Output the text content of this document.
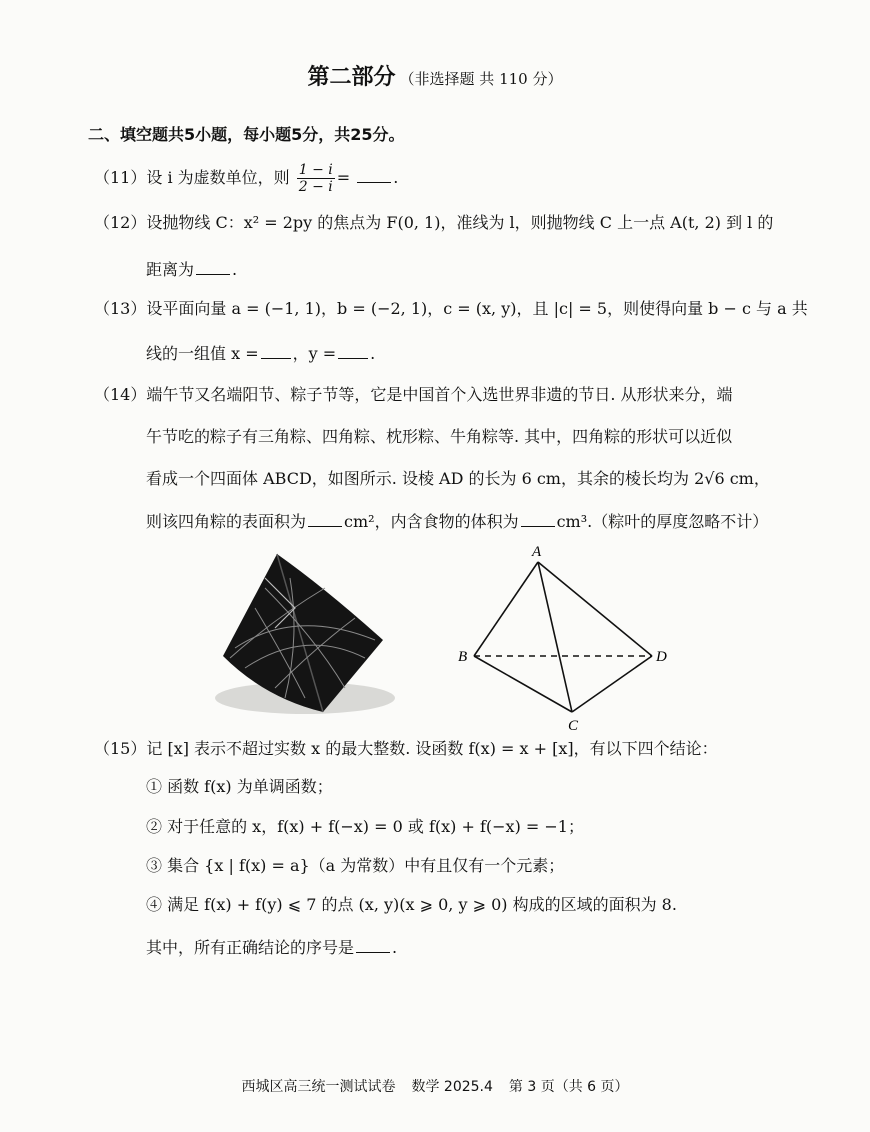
第二部分 （非选择题 共 110 分）
二、填空题共5小题，每小题5分，共25分。
（11）设 i 为虚数单位，则 $\frac{1 - i}{2 - i}$ = .
（12）设抛物线 C：x² = 2py 的焦点为 F(0, 1)，准线为 l，则抛物线 C 上一点 A(t, 2) 到 l 的
距离为 .
（13）设平面向量 a = (−1, 1)，b = (−2, 1)，c = (x, y)，且 |c| = 5，则使得向量 b − c 与 a 共
线的一组值 x = ，y = .
（14）端午节又名端阳节、粽子节等，它是中国首个入选世界非遗的节日. 从形状来分，端
午节吃的粽子有三角粽、四角粽、枕形粽、牛角粽等. 其中，四角粽的形状可以近似
看成一个四面体 ABCD，如图所示. 设棱 AD 的长为 6 cm，其余的棱长均为 2√6 cm，
则该四角粽的表面积为 cm²，内含食物的体积为 cm³.（粽叶的厚度忽略不计）
A
B
C
D
（15）记 [x] 表示不超过实数 x 的最大整数. 设函数 f(x) = x + [x]，有以下四个结论：
① 函数 f(x) 为单调函数；
② 对于任意的 x，f(x) + f(−x) = 0 或 f(x) + f(−x) = −1；
③ 集合 {x | f(x) = a}（a 为常数）中有且仅有一个元素；
④ 满足 f(x) + f(y) ⩽ 7 的点 (x, y)(x ⩾ 0, y ⩾ 0) 构成的区域的面积为 8.
其中，所有正确结论的序号是 .
西城区高三统一测试试卷 数学 2025.4 第 3 页（共 6 页）
